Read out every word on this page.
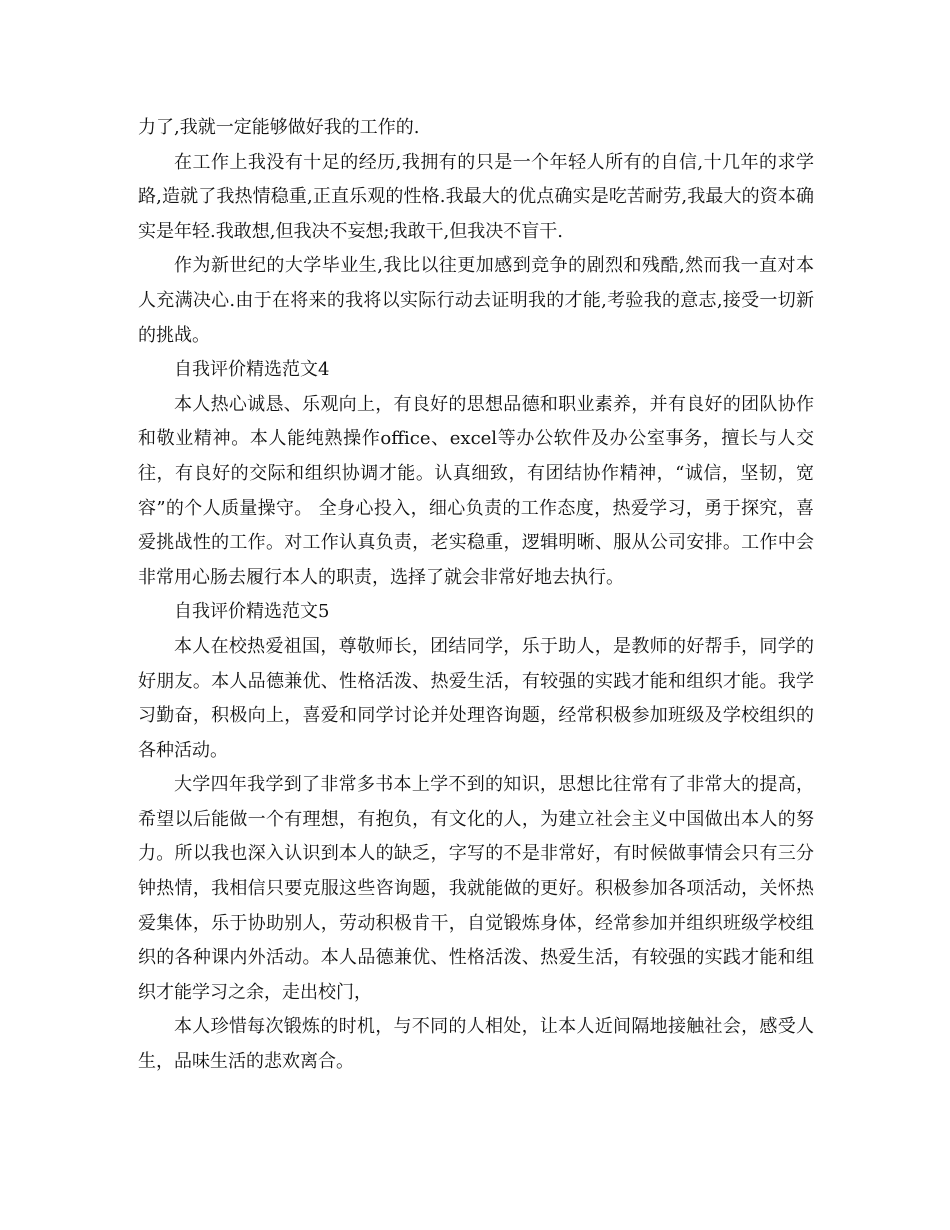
力了,我就一定能够做好我的工作的.

在工作上我没有十足的经历,我拥有的只是一个年轻人所有的自信,十几年的求学路,造就了我热情稳重,正直乐观的性格.我最大的优点确实是吃苦耐劳,我最大的资本确实是年轻.我敢想,但我决不妄想;我敢干,但我决不盲干.

作为新世纪的大学毕业生,我比以往更加感到竞争的剧烈和残酷,然而我一直对本人充满决心.由于在将来的我将以实际行动去证明我的才能,考验我的意志,接受一切新的挑战。

自我评价精选范文4

本人热心诚恳、乐观向上，有良好的思想品德和职业素养，并有良好的团队协作和敬业精神。本人能纯熟操作office、excel等办公软件及办公室事务，擅长与人交往，有良好的交际和组织协调才能。认真细致，有团结协作精神，“诚信，坚韧，宽容”的个人质量操守。 全身心投入，细心负责的工作态度，热爱学习，勇于探究，喜爱挑战性的工作。对工作认真负责，老实稳重，逻辑明晰、服从公司安排。工作中会非常用心肠去履行本人的职责，选择了就会非常好地去执行。

自我评价精选范文5

本人在校热爱祖国，尊敬师长，团结同学，乐于助人，是教师的好帮手，同学的好朋友。本人品德兼优、性格活泼、热爱生活，有较强的实践才能和组织才能。我学习勤奋，积极向上，喜爱和同学讨论并处理咨询题，经常积极参加班级及学校组织的各种活动。

大学四年我学到了非常多书本上学不到的知识，思想比往常有了非常大的提高，希望以后能做一个有理想，有抱负，有文化的人，为建立社会主义中国做出本人的努力。所以我也深入认识到本人的缺乏，字写的不是非常好，有时候做事情会只有三分钟热情，我相信只要克服这些咨询题，我就能做的更好。积极参加各项活动，关怀热爱集体，乐于协助别人，劳动积极肯干，自觉锻炼身体，经常参加并组织班级学校组织的各种课内外活动。本人品德兼优、性格活泼、热爱生活，有较强的实践才能和组织才能学习之余，走出校门，

本人珍惜每次锻炼的时机，与不同的人相处，让本人近间隔地接触社会，感受人生，品味生活的悲欢离合。
